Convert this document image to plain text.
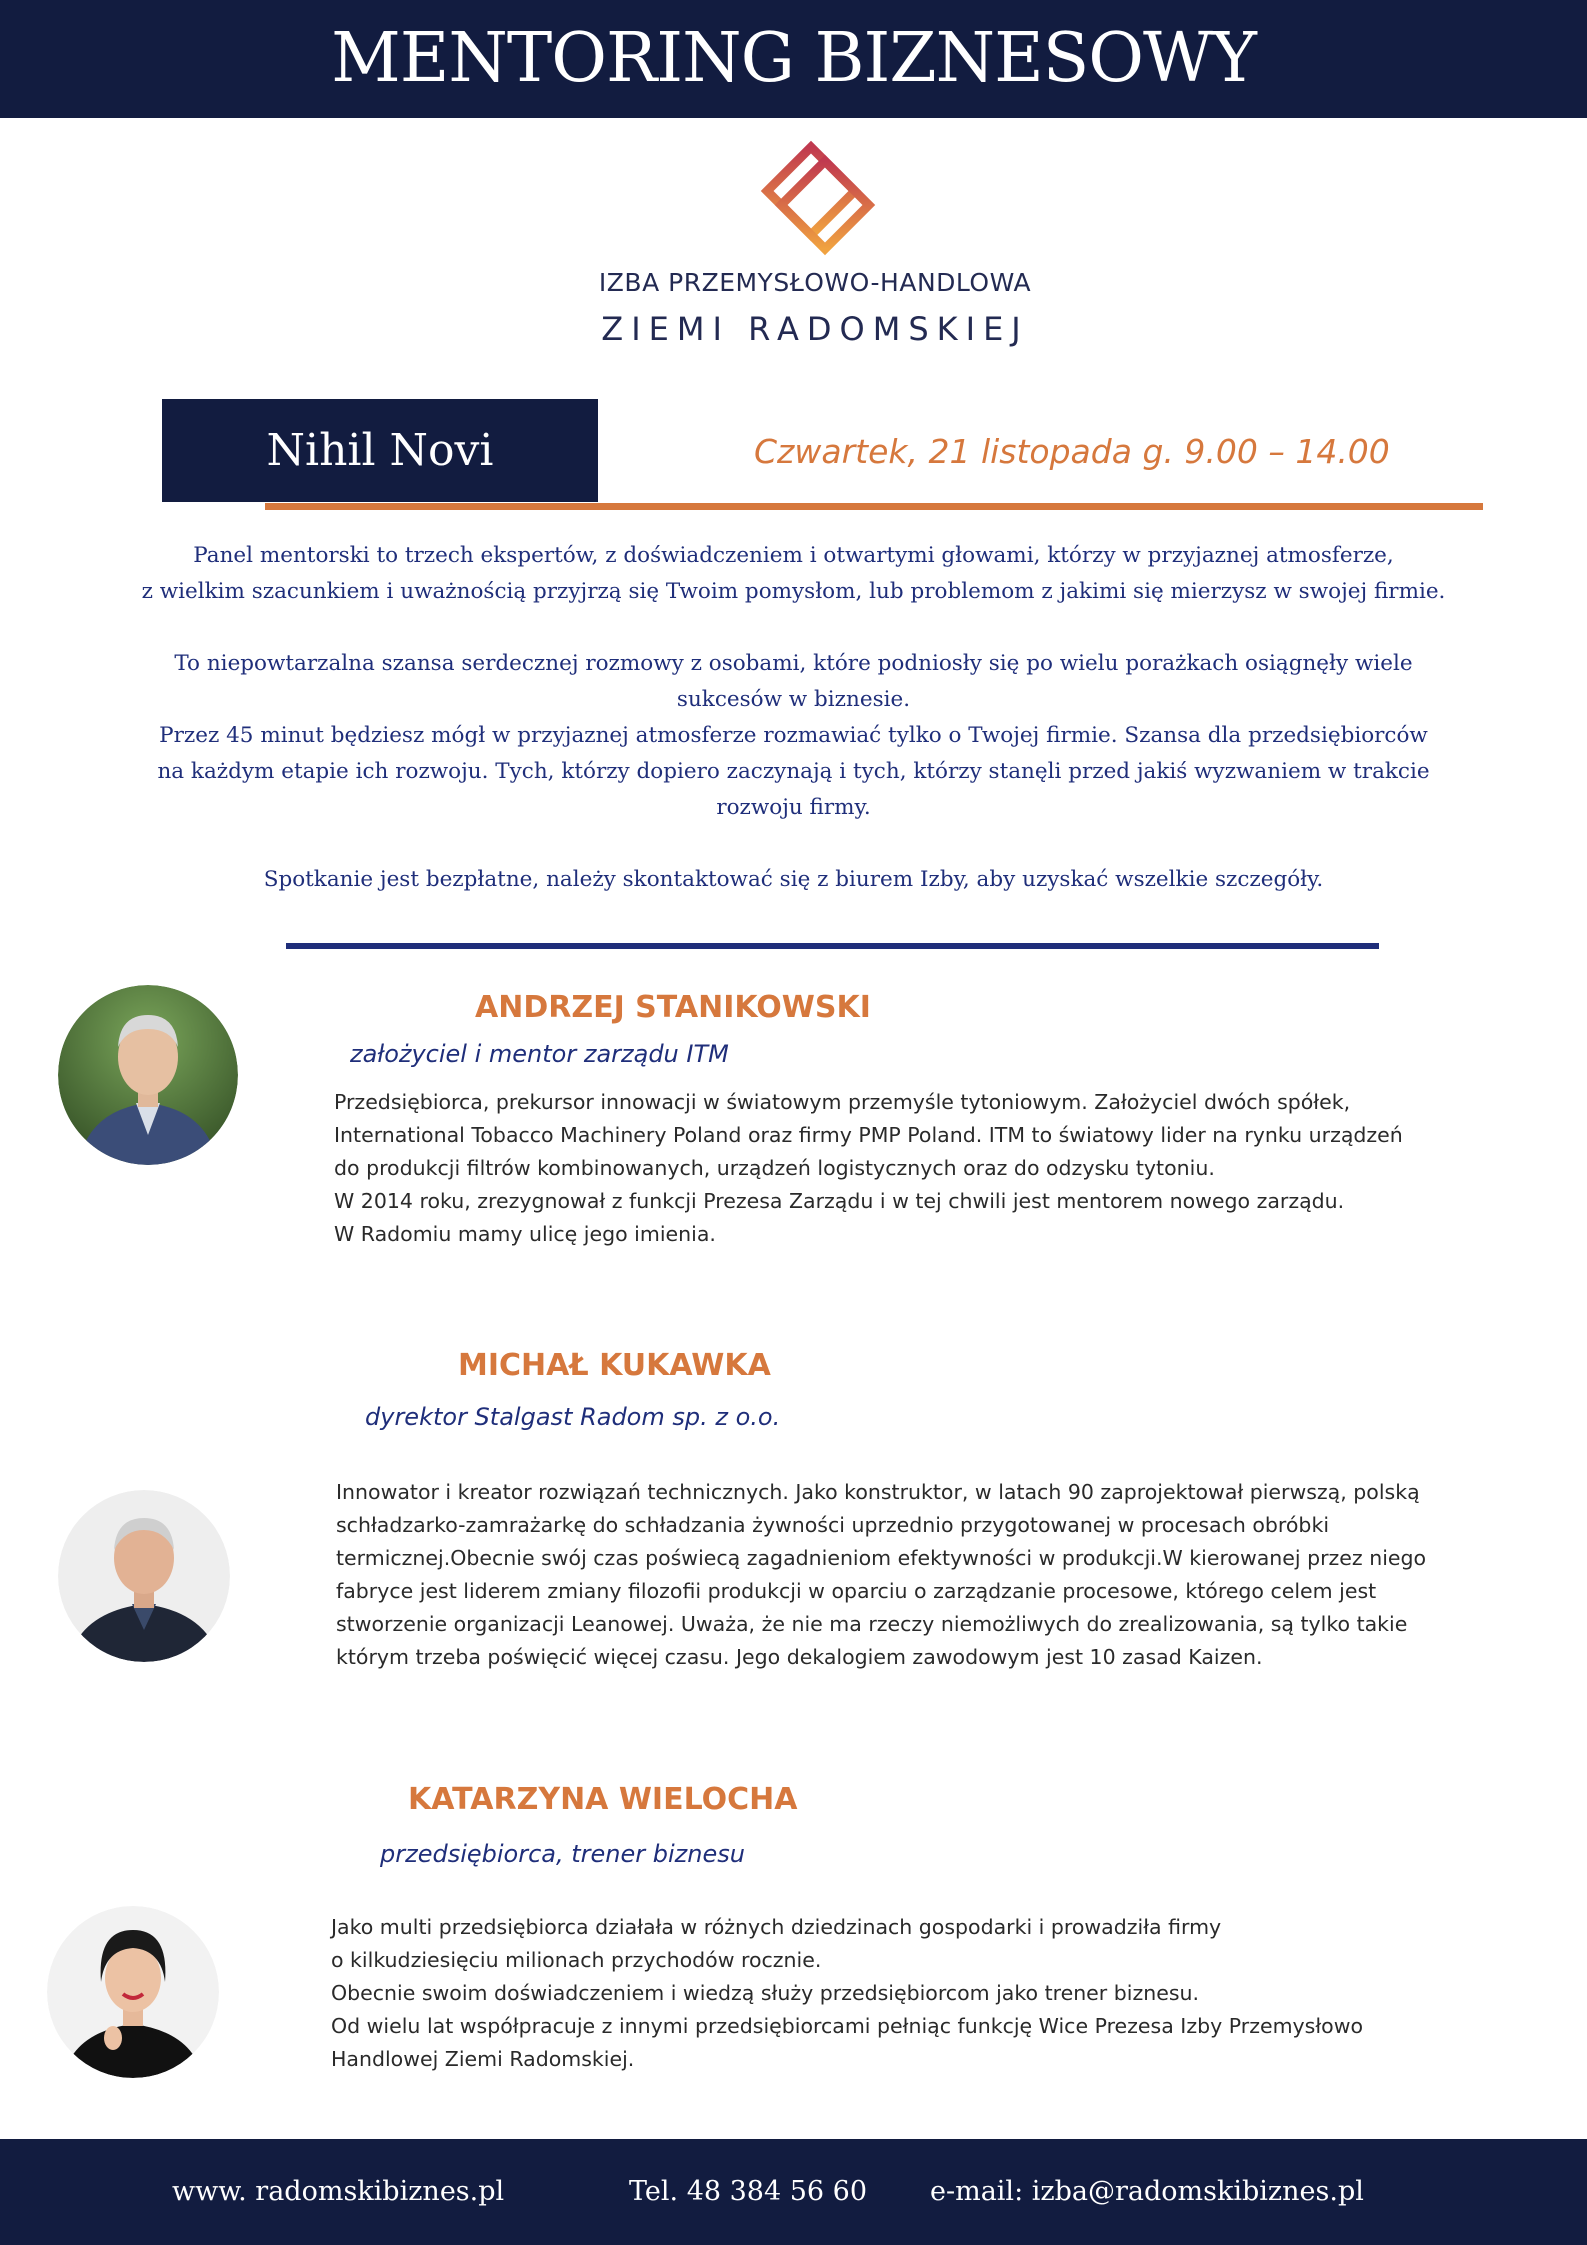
MENTORING BIZNESOWY
IZBA PRZEMYSŁOWO-HANDLOWA
ZIEMI RADOMSKIEJ
Nihil Novi	Czwartek, 21 listopada g. 9.00 – 14.00

Panel mentorski to trzech ekspertów, z doświadczeniem i otwartymi głowami, którzy w przyjaznej atmosferze,

z wielkim szacunkiem i uważnością przyjrzą się Twoim pomysłom, lub problemom z jakimi się mierzysz w swojej firmie.

To niepowtarzalna szansa serdecznej rozmowy z osobami, które podniosły się po wielu porażkach osiągnęły wiele

sukcesów w biznesie.

Przez 45 minut będziesz mógł w przyjaznej atmosferze rozmawiać tylko o Twojej firmie. Szansa dla przedsiębiorców

na każdym etapie ich rozwoju. Tych, którzy dopiero zaczynają i tych, którzy stanęli przed jakiś wyzwaniem w trakcie

rozwoju firmy.

Spotkanie jest bezpłatne, należy skontaktować się z biurem Izby, aby uzyskać wszelkie szczegóły.

ANDRZEJ STANIKOWSKI
założyciel i mentor zarządu ITM

Przedsiębiorca, prekursor innowacji w światowym przemyśle tytoniowym. Założyciel dwóch spółek,

International Tobacco Machinery Poland oraz firmy PMP Poland. ITM to światowy lider na rynku urządzeń

do produkcji filtrów kombinowanych, urządzeń logistycznych oraz do odzysku tytoniu.

W 2014 roku, zrezygnował z funkcji Prezesa Zarządu i w tej chwili jest mentorem nowego zarządu.

W Radomiu mamy ulicę jego imienia.

MICHAŁ KUKAWKA
dyrektor Stalgast Radom sp. z o.o.

Innowator i kreator rozwiązań technicznych. Jako konstruktor, w latach 90 zaprojektował pierwszą, polską

schładzarko-zamrażarkę do schładzania żywności uprzednio przygotowanej w procesach obróbki

termicznej.Obecnie swój czas poświecą zagadnieniom efektywności w produkcji.W kierowanej przez niego

fabryce jest liderem zmiany filozofii produkcji w oparciu o zarządzanie procesowe, którego celem jest

stworzenie organizacji Leanowej. Uważa, że nie ma rzeczy niemożliwych do zrealizowania, są tylko takie

którym trzeba poświęcić więcej czasu. Jego dekalogiem zawodowym jest 10 zasad Kaizen.

KATARZYNA WIELOCHA
przedsiębiorca, trener biznesu

Jako multi przedsiębiorca działała w różnych dziedzinach gospodarki i prowadziła firmy

o kilkudziesięciu milionach przychodów rocznie.

Obecnie swoim doświadczeniem i wiedzą służy przedsiębiorcom jako trener biznesu.

Od wielu lat współpracuje z innymi przedsiębiorcami pełniąc funkcję Wice Prezesa Izby Przemysłowo

Handlowej Ziemi Radomskiej.

www. radomskibiznes.pl	Tel. 48 384 56 60 e-mail: izba@radomskibiznes.pl
